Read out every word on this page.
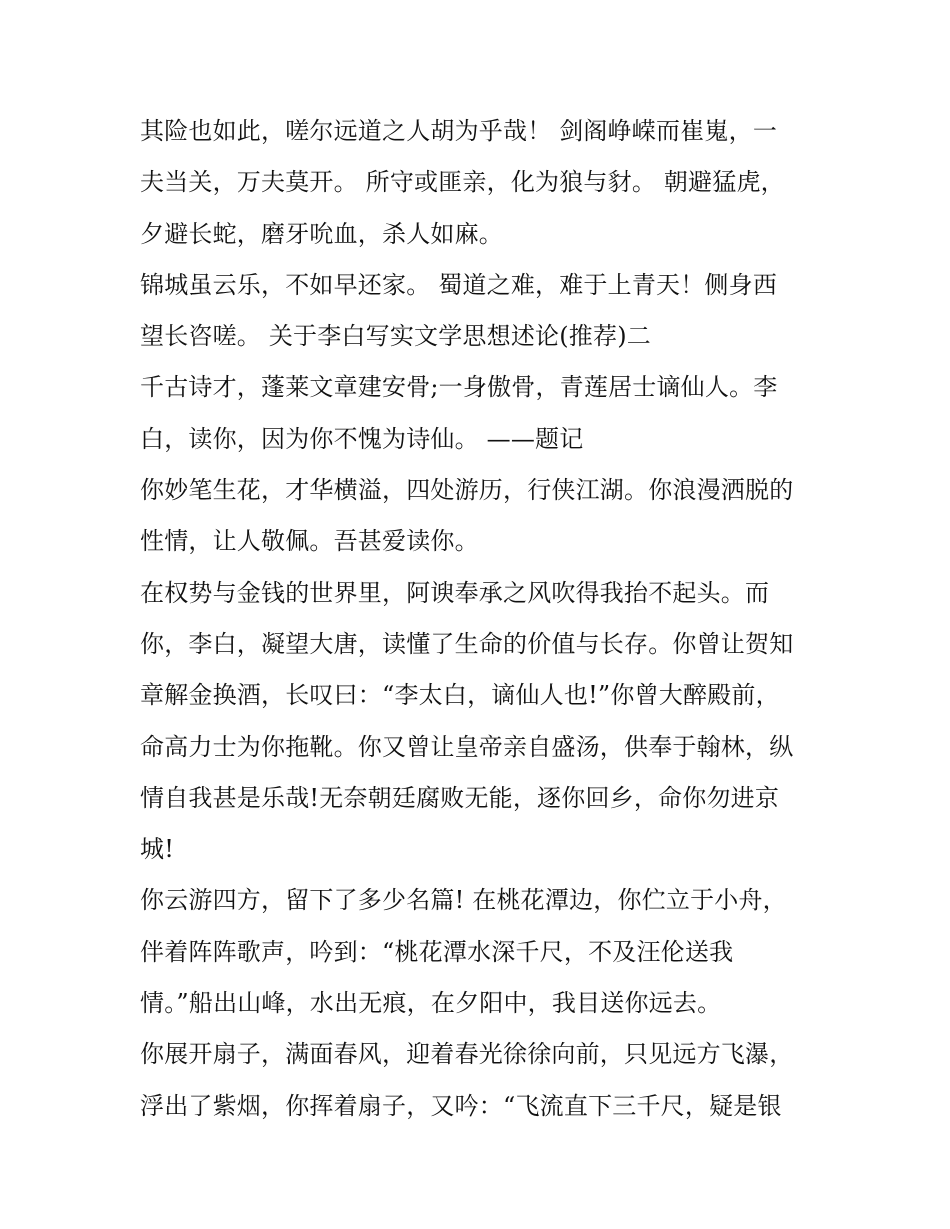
其险也如此，嗟尔远道之人胡为乎哉！ 剑阁峥嵘而崔嵬，一
夫当关，万夫莫开。 所守或匪亲，化为狼与豺。 朝避猛虎，
夕避长蛇，磨牙吮血，杀人如麻。
锦城虽云乐，不如早还家。 蜀道之难，难于上青天！侧身西
望长咨嗟。 关于李白写实文学思想述论(推荐)二
千古诗才，蓬莱文章建安骨;一身傲骨，青莲居士谪仙人。李
白，读你，因为你不愧为诗仙。 ——题记
你妙笔生花，才华横溢，四处游历，行侠江湖。你浪漫洒脱的
性情，让人敬佩。吾甚爱读你。
在权势与金钱的世界里，阿谀奉承之风吹得我抬不起头。而
你，李白，凝望大唐，读懂了生命的价值与长存。你曾让贺知
章解金换酒，长叹曰：“李太白，谪仙人也!”你曾大醉殿前，
命高力士为你拖靴。你又曾让皇帝亲自盛汤，供奉于翰林，纵
情自我甚是乐哉!无奈朝廷腐败无能，逐你回乡，命你勿进京
城!
你云游四方，留下了多少名篇! 在桃花潭边，你伫立于小舟，
伴着阵阵歌声，吟到：“桃花潭水深千尺，不及汪伦送我
情。”船出山峰，水出无痕，在夕阳中，我目送你远去。
你展开扇子，满面春风，迎着春光徐徐向前，只见远方飞瀑，
浮出了紫烟，你挥着扇子，又吟：“飞流直下三千尺，疑是银
